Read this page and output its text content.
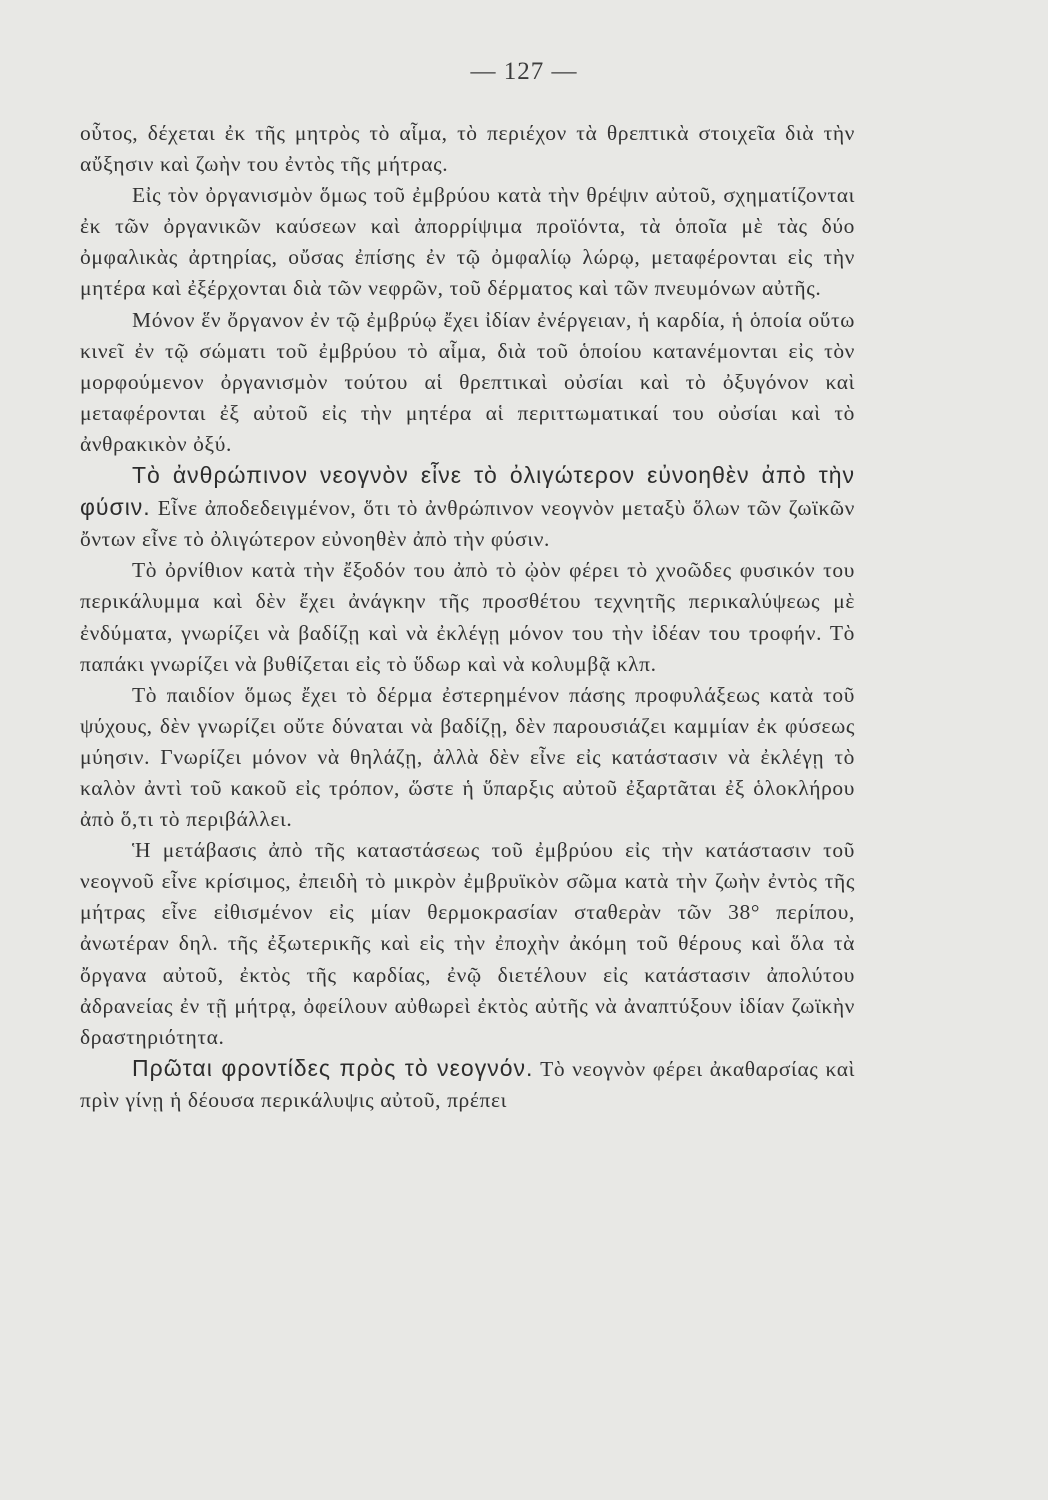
— 127 —

οὗτος, δέχεται ἐκ τῆς μητρὸς τὸ αἷμα, τὸ περιέχον τὰ θρεπτικὰ στοιχεῖα διὰ τὴν αὔξησιν καὶ ζωὴν του ἐντὸς τῆς μήτρας.

Εἰς τὸν ὀργανισμὸν ὅμως τοῦ ἐμβρύου κατὰ τὴν θρέψιν αὐτοῦ, σχηματίζονται ἐκ τῶν ὀργανικῶν καύσεων καὶ ἀπορρίψιμα προϊόντα, τὰ ὁποῖα μὲ τὰς δύο ὀμφαλικὰς ἀρτηρίας, οὔσας ἐπίσης ἐν τῷ ὀμφαλίῳ λώρῳ, μεταφέρονται εἰς τὴν μητέρα καὶ ἐξέρχονται διὰ τῶν νεφρῶν, τοῦ δέρματος καὶ τῶν πνευμόνων αὐτῆς.

Μόνον ἕν ὄργανον ἐν τῷ ἐμβρύῳ ἔχει ἰδίαν ἐνέργειαν, ἡ καρδία, ἡ ὁποία οὕτω κινεῖ ἐν τῷ σώματι τοῦ ἐμβρύου τὸ αἷμα, διὰ τοῦ ὁποίου κατανέμονται εἰς τὸν μορφούμενον ὀργανισμὸν τούτου αἱ θρεπτικαὶ οὐσίαι καὶ τὸ ὀξυγόνον καὶ μεταφέρονται ἐξ αὐτοῦ εἰς τὴν μητέρα αἱ περιττωματικαί του οὐσίαι καὶ τὸ ἀνθρακικὸν ὀξύ.

Τὸ ἀνθρώπινον νεογνὸν εἶνε τὸ ὀλιγώτερον εὐνοηθὲν ἀπὸ τὴν φύσιν. Εἶνε ἀποδεδειγμένον, ὅτι τὸ ἀνθρώπινον νεογνὸν μεταξὺ ὅλων τῶν ζωϊκῶν ὄντων εἶνε τὸ ὀλιγώτερον εὐνοηθὲν ἀπὸ τὴν φύσιν.

Τὸ ὀρνίθιον κατὰ τὴν ἔξοδόν του ἀπὸ τὸ ᾠὸν φέρει τὸ χνοῶδες φυσικόν του περικάλυμμα καὶ δὲν ἔχει ἀνάγκην τῆς προσθέτου τεχνητῆς περικαλύψεως μὲ ἐνδύματα, γνωρίζει νὰ βαδίζῃ καὶ νὰ ἐκλέγῃ μόνον του τὴν ἰδέαν του τροφήν. Τὸ παπάκι γνωρίζει νὰ βυθίζεται εἰς τὸ ὕδωρ καὶ νὰ κολυμβᾷ κλπ.

Τὸ παιδίον ὅμως ἔχει τὸ δέρμα ἐστερημένον πάσης προφυλάξεως κατὰ τοῦ ψύχους, δὲν γνωρίζει οὔτε δύναται νὰ βαδίζῃ, δὲν παρουσιάζει καμμίαν ἐκ φύσεως μύησιν. Γνωρίζει μόνον νὰ θηλάζῃ, ἀλλὰ δὲν εἶνε εἰς κατάστασιν νὰ ἐκλέγῃ τὸ καλὸν ἀντὶ τοῦ κακοῦ εἰς τρόπον, ὥστε ἡ ὕπαρξις αὐτοῦ ἐξαρτᾶται ἐξ ὁλοκλήρου ἀπὸ ὅ,τι τὸ περιβάλλει.

Ἡ μετάβασις ἀπὸ τῆς καταστάσεως τοῦ ἐμβρύου εἰς τὴν κατάστασιν τοῦ νεογνοῦ εἶνε κρίσιμος, ἐπειδὴ τὸ μικρὸν ἐμβρυϊκὸν σῶμα κατὰ τὴν ζωὴν ἐντὸς τῆς μήτρας εἶνε εἰθισμένον εἰς μίαν θερμοκρασίαν σταθερὰν τῶν 38° περίπου, ἀνωτέραν δηλ. τῆς ἐξωτερικῆς καὶ εἰς τὴν ἐποχὴν ἀκόμη τοῦ θέρους καὶ ὅλα τὰ ὄργανα αὐτοῦ, ἐκτὸς τῆς καρδίας, ἐνῷ διετέλουν εἰς κατάστασιν ἀπολύτου ἀδρανείας ἐν τῇ μήτρᾳ, ὀφείλουν αὐθωρεὶ ἐκτὸς αὐτῆς νὰ ἀναπτύξουν ἰδίαν ζωϊκὴν δραστηριότητα.

Πρῶται φροντίδες πρὸς τὸ νεογνόν. Τὸ νεογνὸν φέρει ἀκαθαρσίας καὶ πρὶν γίνῃ ἡ δέουσα περικάλυψις αὐτοῦ, πρέπει
